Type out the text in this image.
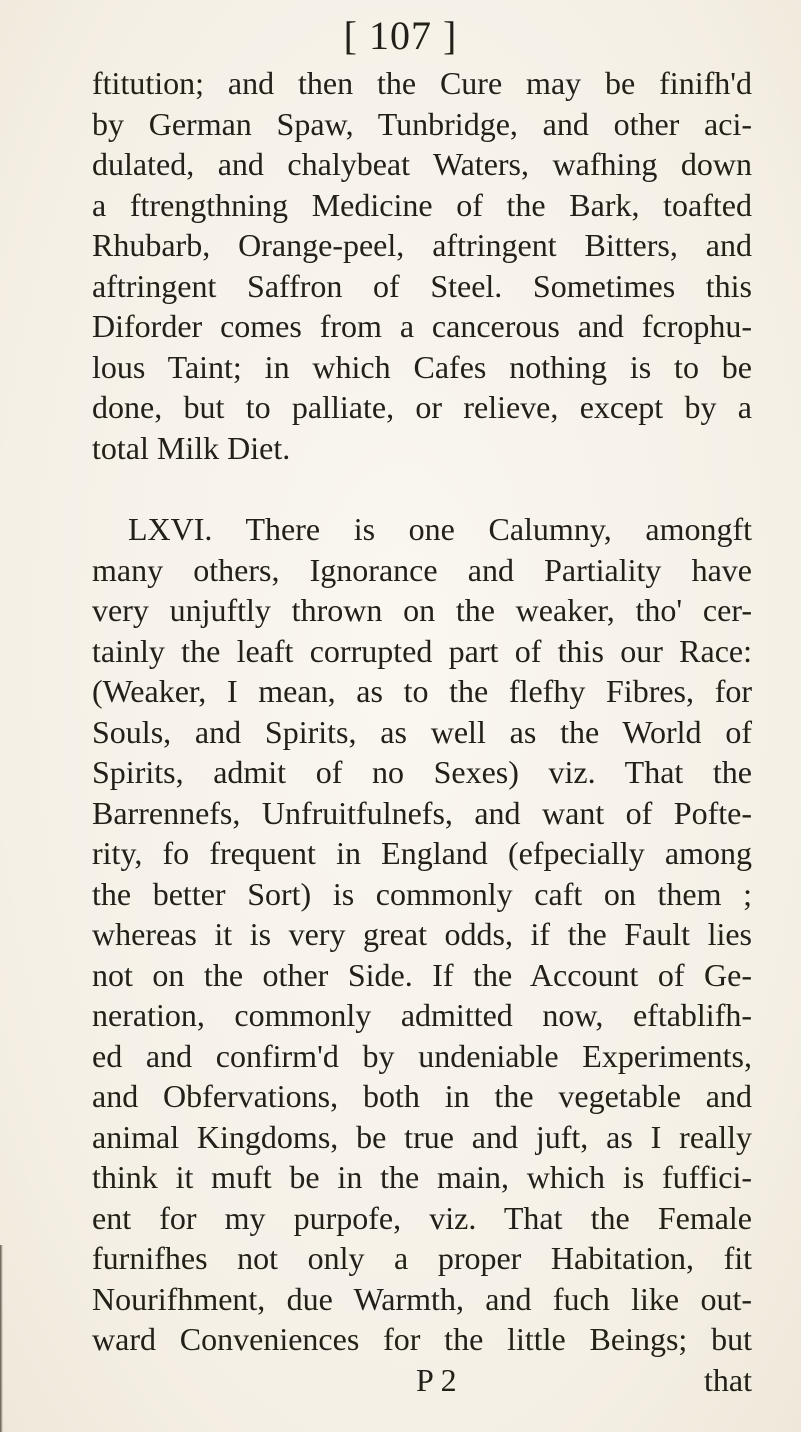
[ 107 ]
ftitution; and then the Cure may be finifh'd
by German Spaw, Tunbridge, and other aci-
dulated, and chalybeat Waters, wafhing down
a ftrengthning Medicine of the Bark, toafted
Rhubarb, Orange-peel, aftringent Bitters, and
aftringent Saffron of Steel. Sometimes this
Diforder comes from a cancerous and fcrophu-
lous Taint; in which Cafes nothing is to be
done, but to palliate, or relieve, except by a
total Milk Diet.
LXVI. There is one Calumny, amongft
many others, Ignorance and Partiality have
very unjuftly thrown on the weaker, tho' cer-
tainly the leaft corrupted part of this our Race:
(Weaker, I mean, as to the flefhy Fibres, for
Souls, and Spirits, as well as the World of
Spirits, admit of no Sexes) viz. That the
Barrennefs, Unfruitfulnefs, and want of Pofte-
rity, fo frequent in England (efpecially among
the better Sort) is commonly caft on them ;
whereas it is very great odds, if the Fault lies
not on the other Side. If the Account of Ge-
neration, commonly admitted now, eftablifh-
ed and confirm'd by undeniable Experiments,
and Obfervations, both in the vegetable and
animal Kingdoms, be true and juft, as I really
think it muft be in the main, which is fuffici-
ent for my purpofe, viz. That the Female
furnifhes not only a proper Habitation, fit
Nourifhment, due Warmth, and fuch like out-
ward Conveniences for the little Beings; but
P 2	that
